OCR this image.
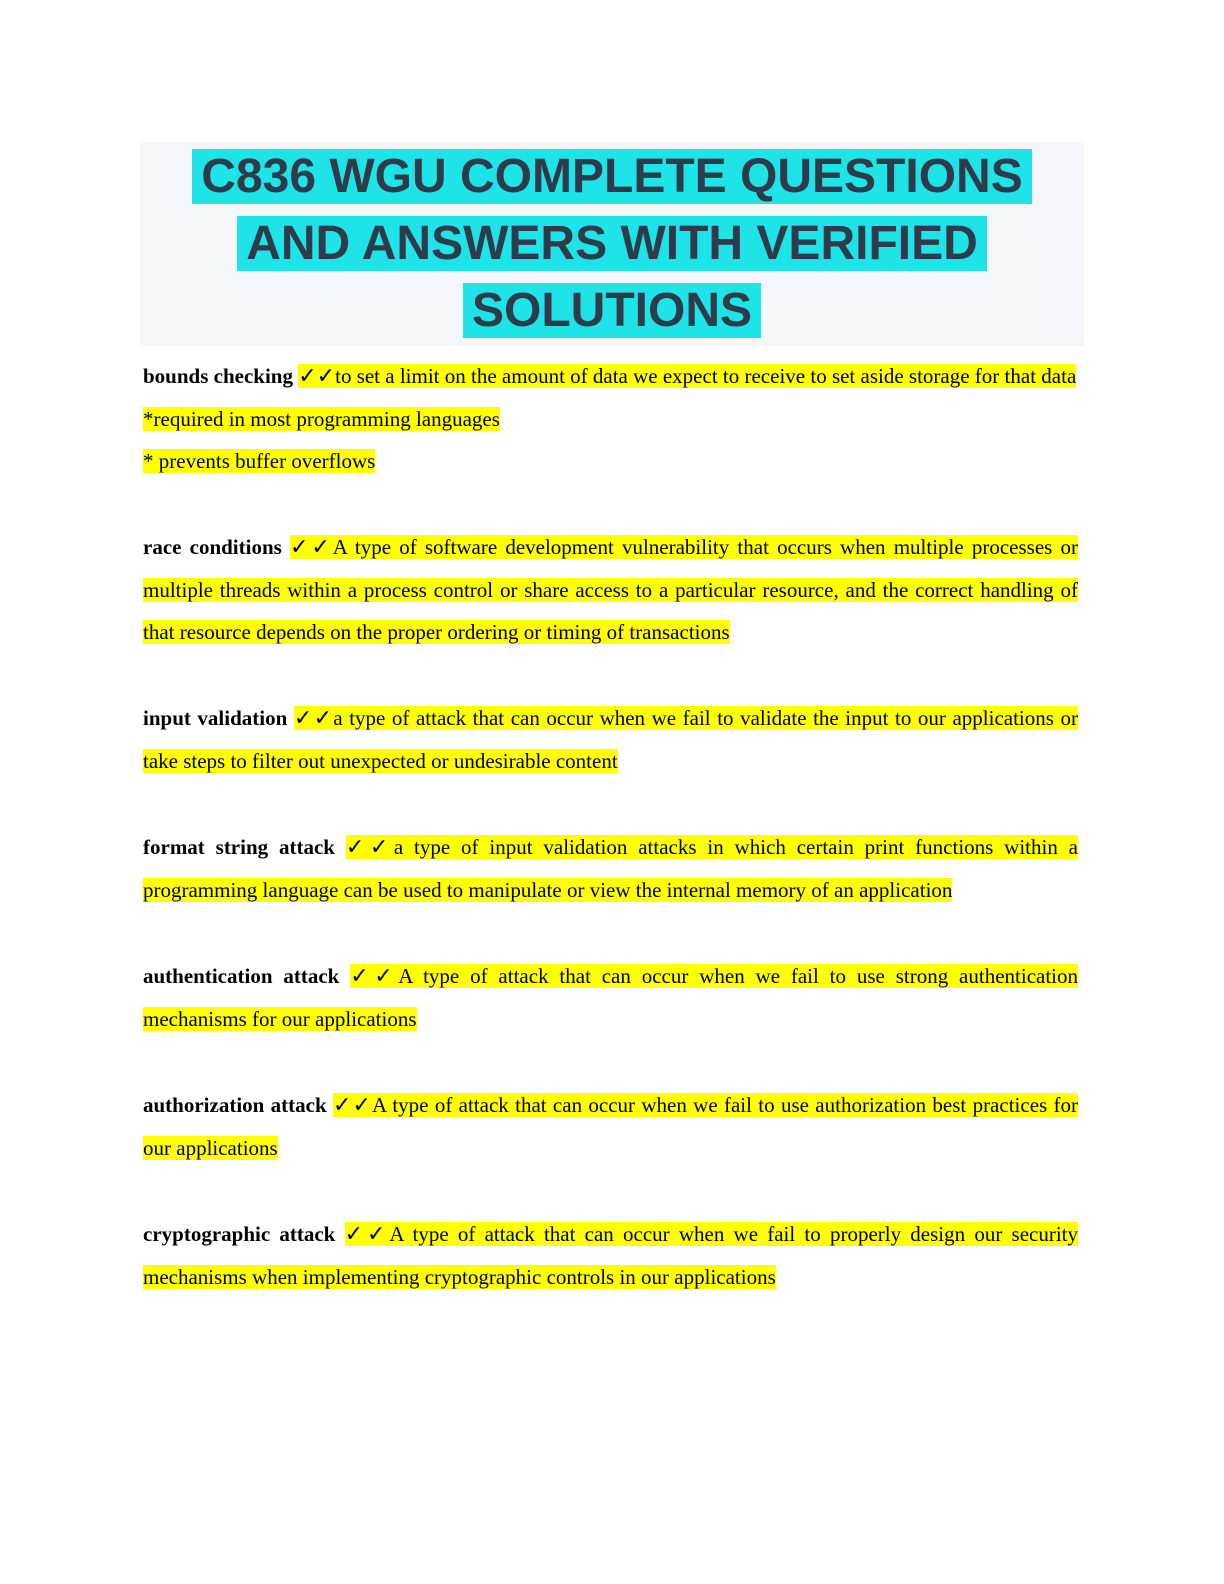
C836 WGU COMPLETE QUESTIONS
AND ANSWERS WITH VERIFIED
SOLUTIONS

bounds checking ✓✓to set a limit on the amount of data we expect to receive to set aside storage for that data
*required in most programming languages
* prevents buffer overflows

race conditions ✓✓A type of software development vulnerability that occurs when multiple processes or multiple threads within a process control or share access to a particular resource, and the correct handling of that resource depends on the proper ordering or timing of transactions

input validation ✓✓a type of attack that can occur when we fail to validate the input to our applications or take steps to filter out unexpected or undesirable content

format string attack ✓✓a type of input validation attacks in which certain print functions within a programming language can be used to manipulate or view the internal memory of an application

authentication attack ✓✓A type of attack that can occur when we fail to use strong authentication mechanisms for our applications

authorization attack ✓✓A type of attack that can occur when we fail to use authorization best practices for our applications

cryptographic attack ✓✓A type of attack that can occur when we fail to properly design our security mechanisms when implementing cryptographic controls in our applications
